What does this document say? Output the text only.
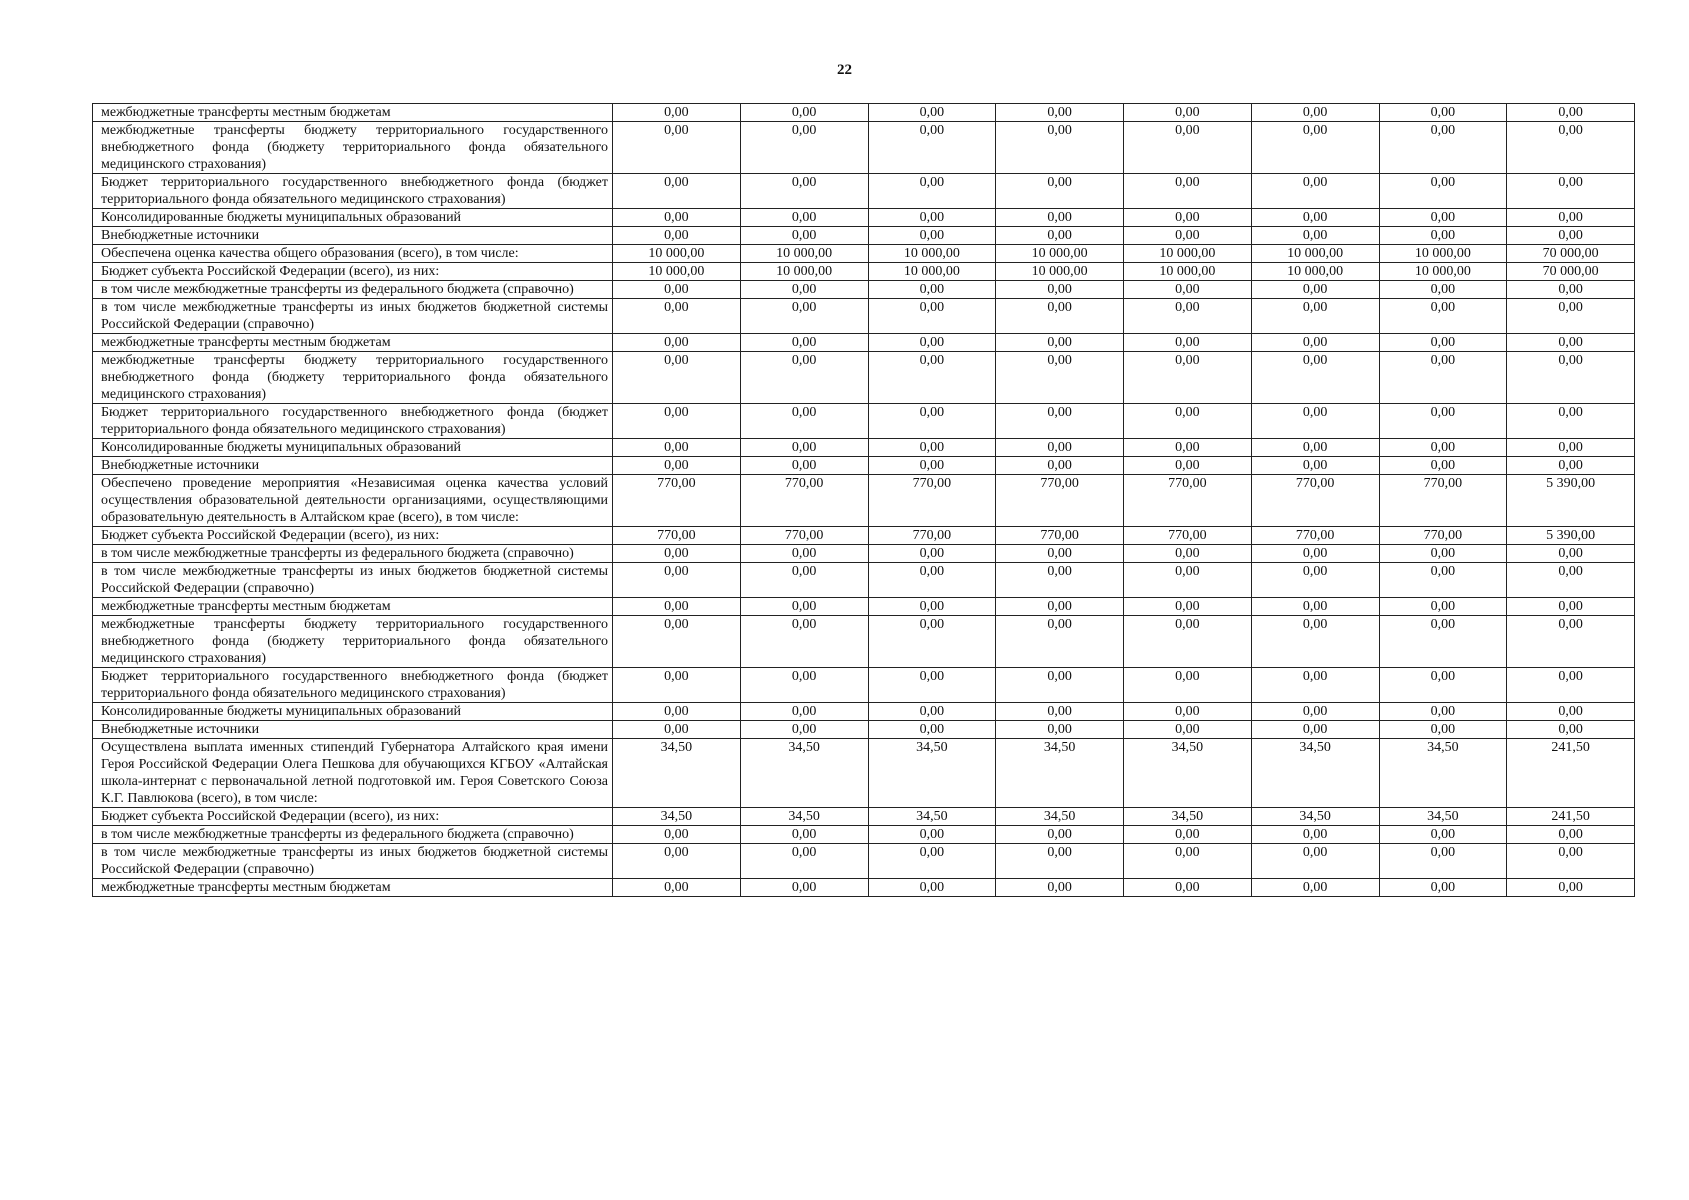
22
межбюджетные трансферты местным бюджетам	0,00	0,00	0,00	0,00	0,00	0,00	0,00	0,00
межбюджетные трансферты бюджету территориального государственного внебюджетного фонда (бюджету территориального фонда обязательного медицинского страхования)	0,00	0,00	0,00	0,00	0,00	0,00	0,00	0,00
Бюджет территориального государственного внебюджетного фонда (бюджет территориального фонда обязательного медицинского страхования)	0,00	0,00	0,00	0,00	0,00	0,00	0,00	0,00
Консолидированные бюджеты муниципальных образований	0,00	0,00	0,00	0,00	0,00	0,00	0,00	0,00
Внебюджетные источники	0,00	0,00	0,00	0,00	0,00	0,00	0,00	0,00
Обеспечена оценка качества общего образования (всего), в том числе:	10 000,00	10 000,00	10 000,00	10 000,00	10 000,00	10 000,00	10 000,00	70 000,00
Бюджет субъекта Российской Федерации (всего), из них:	10 000,00	10 000,00	10 000,00	10 000,00	10 000,00	10 000,00	10 000,00	70 000,00
в том числе межбюджетные трансферты из федерального бюджета (справочно)	0,00	0,00	0,00	0,00	0,00	0,00	0,00	0,00
в том числе межбюджетные трансферты из иных бюджетов бюджетной системы Российской Федерации (справочно)	0,00	0,00	0,00	0,00	0,00	0,00	0,00	0,00
межбюджетные трансферты местным бюджетам	0,00	0,00	0,00	0,00	0,00	0,00	0,00	0,00
межбюджетные трансферты бюджету территориального государственного внебюджетного фонда (бюджету территориального фонда обязательного медицинского страхования)	0,00	0,00	0,00	0,00	0,00	0,00	0,00	0,00
Бюджет территориального государственного внебюджетного фонда (бюджет территориального фонда обязательного медицинского страхования)	0,00	0,00	0,00	0,00	0,00	0,00	0,00	0,00
Консолидированные бюджеты муниципальных образований	0,00	0,00	0,00	0,00	0,00	0,00	0,00	0,00
Внебюджетные источники	0,00	0,00	0,00	0,00	0,00	0,00	0,00	0,00
Обеспечено проведение мероприятия «Независимая оценка качества условий осуществления образовательной деятельности организациями, осуществляющими образовательную деятельность в Алтайском крае (всего), в том числе:	770,00	770,00	770,00	770,00	770,00	770,00	770,00	5 390,00
Бюджет субъекта Российской Федерации (всего), из них:	770,00	770,00	770,00	770,00	770,00	770,00	770,00	5 390,00
в том числе межбюджетные трансферты из федерального бюджета (справочно)	0,00	0,00	0,00	0,00	0,00	0,00	0,00	0,00
в том числе межбюджетные трансферты из иных бюджетов бюджетной системы Российской Федерации (справочно)	0,00	0,00	0,00	0,00	0,00	0,00	0,00	0,00
межбюджетные трансферты местным бюджетам	0,00	0,00	0,00	0,00	0,00	0,00	0,00	0,00
межбюджетные трансферты бюджету территориального государственного внебюджетного фонда (бюджету территориального фонда обязательного медицинского страхования)	0,00	0,00	0,00	0,00	0,00	0,00	0,00	0,00
Бюджет территориального государственного внебюджетного фонда (бюджет территориального фонда обязательного медицинского страхования)	0,00	0,00	0,00	0,00	0,00	0,00	0,00	0,00
Консолидированные бюджеты муниципальных образований	0,00	0,00	0,00	0,00	0,00	0,00	0,00	0,00
Внебюджетные источники	0,00	0,00	0,00	0,00	0,00	0,00	0,00	0,00
Осуществлена выплата именных стипендий Губернатора Алтайского края имени Героя Российской Федерации Олега Пешкова для обучающихся КГБОУ «Алтайская школа-интернат с первоначальной летной подготовкой им. Героя Советского Союза К.Г. Павлюкова (всего), в том числе:	34,50	34,50	34,50	34,50	34,50	34,50	34,50	241,50
Бюджет субъекта Российской Федерации (всего), из них:	34,50	34,50	34,50	34,50	34,50	34,50	34,50	241,50
в том числе межбюджетные трансферты из федерального бюджета (справочно)	0,00	0,00	0,00	0,00	0,00	0,00	0,00	0,00
в том числе межбюджетные трансферты из иных бюджетов бюджетной системы Российской Федерации (справочно)	0,00	0,00	0,00	0,00	0,00	0,00	0,00	0,00
межбюджетные трансферты местным бюджетам	0,00	0,00	0,00	0,00	0,00	0,00	0,00	0,00
